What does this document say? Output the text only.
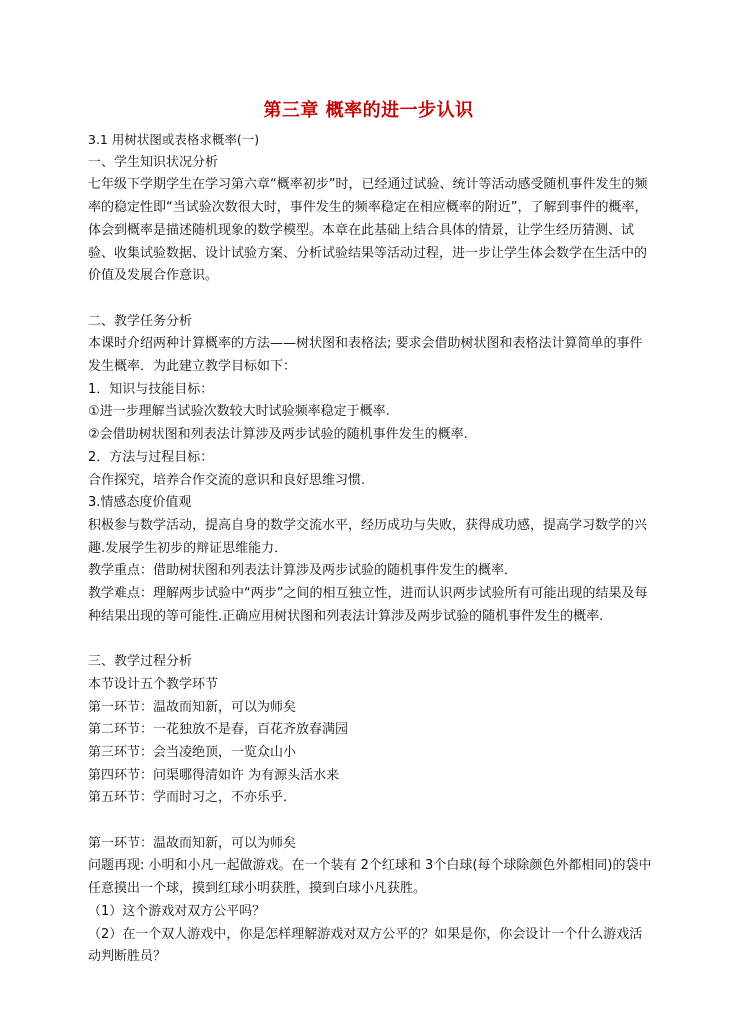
第三章 概率的进一步认识

3.1 用树状图或表格求概率(一)

一、学生知识状况分析

七年级下学期学生在学习第六章“概率初步”时，已经通过试验、统计等活动感受随机事件发生的频率的稳定性即“当试验次数很大时，事件发生的频率稳定在相应概率的附近”，了解到事件的概率，体会到概率是描述随机现象的数学模型。本章在此基础上结合具体的情景，让学生经历猜测、试验、收集试验数据、设计试验方案、分析试验结果等活动过程，进一步让学生体会数学在生活中的价值及发展合作意识。

二、教学任务分析

本课时介绍两种计算概率的方法——树状图和表格法; 要求会借助树状图和表格法计算简单的事件发生概率．为此建立教学目标如下：

1．知识与技能目标：

①进一步理解当试验次数较大时试验频率稳定于概率.

②会借助树状图和列表法计算涉及两步试验的随机事件发生的概率.

2．方法与过程目标：

合作探究，培养合作交流的意识和良好思维习惯.

3.情感态度价值观

积极参与数学活动，提高自身的数学交流水平，经历成功与失败，获得成功感，提高学习数学的兴趣.发展学生初步的辩证思维能力．

教学重点：借助树状图和列表法计算涉及两步试验的随机事件发生的概率．

教学难点：理解两步试验中“两步”之间的相互独立性，进而认识两步试验所有可能出现的结果及每种结果出现的等可能性.正确应用树状图和列表法计算涉及两步试验的随机事件发生的概率.

三、教学过程分析

本节设计五个教学环节

第一环节：温故而知新，可以为师矣

第二环节：一花独放不是春，百花齐放春满园

第三环节：会当凌绝顶，一览众山小

第四环节：问渠哪得清如许 为有源头活水来

第五环节：学而时习之，不亦乐乎．

第一环节：温故而知新，可以为师矣

问题再现: 小明和小凡一起做游戏。在一个装有 2个红球和 3个白球(每个球除颜色外都相同)的袋中任意摸出一个球，摸到红球小明获胜，摸到白球小凡获胜。

（1）这个游戏对双方公平吗？

（2）在一个双人游戏中，你是怎样理解游戏对双方公平的？如果是你，你会设计一个什么游戏活动判断胜员？
